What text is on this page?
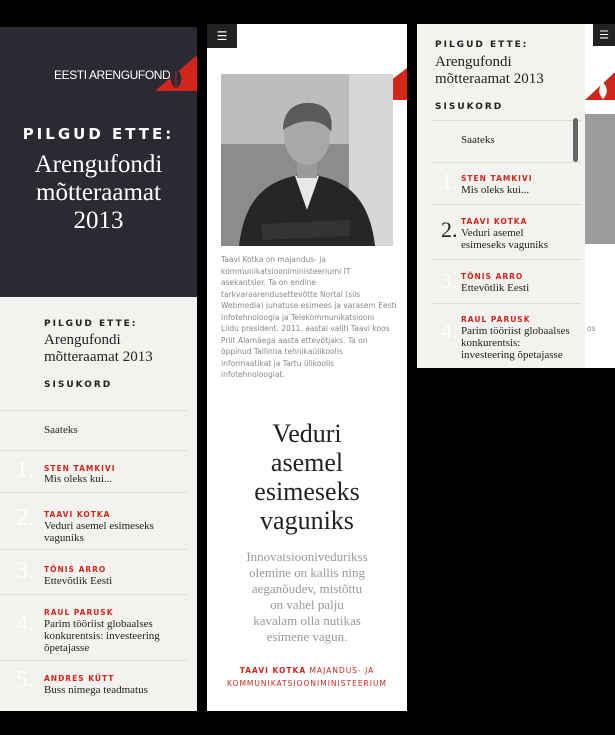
EESTI ARENGUFOND
PILGUD ETTE:
Arengufondi
mõtteraamat
2013
PILGUD ETTE:
Arengufondi
mõtteraamat 2013
SISUKORD
Saateks
1. STEN TAMKIVI
Mis oleks kui...
2. TAAVI KOTKA
Veduri asemel esimeseks
vaguniks
3. TÕNIS ARRO
Ettevõtlik Eesti
4. RAUL PARUSK
Parim tööriist globaalses
konkurentsis: investeering
õpetajasse
5. ANDRES KÜTT
Buss nimega teadmatus
☰
Taavi Kotka on majandus- ja
kommunikatsiooniministeeriumi IT
asekantsler. Ta on endine
tarkvaraarendusettevõtte Nortal (siis
Webmedia) juhatuse esimees ja varasem Eesti
Infotehnoloogia ja Telekommunikatsiooni
Liidu president. 2011. aastal valiti Taavi koos
Priit Alamäega aasta ettevõtjaks. Ta on
õppinud Tallinna tehnikaülikoolis
informaatikat ja Tartu ülikoolis
infotehnoloogiat.
Veduri
asemel
esimeseks
vaguniks
Innovatsioonivedurikss
olemine on kallis ning
aeganõudev, mistõttu
on vahel palju
kavalam olla nutikas
esimene vagun.
TAAVI KOTKA MAJANDUS- JA
KOMMUNIKATSIOONIMINISTEERIUM
os
☰
PILGUD ETTE:
Arengufondi
mõtteraamat 2013
SISUKORD
Saateks
1. STEN TAMKIVI
Mis oleks kui...
2. TAAVI KOTKA
Veduri asemel
esimeseks vaguniks
3. TÕNIS ARRO
Ettevõtlik Eesti
4. RAUL PARUSK
Parim tööriist globaalses
konkurentsis:
investeering õpetajasse
